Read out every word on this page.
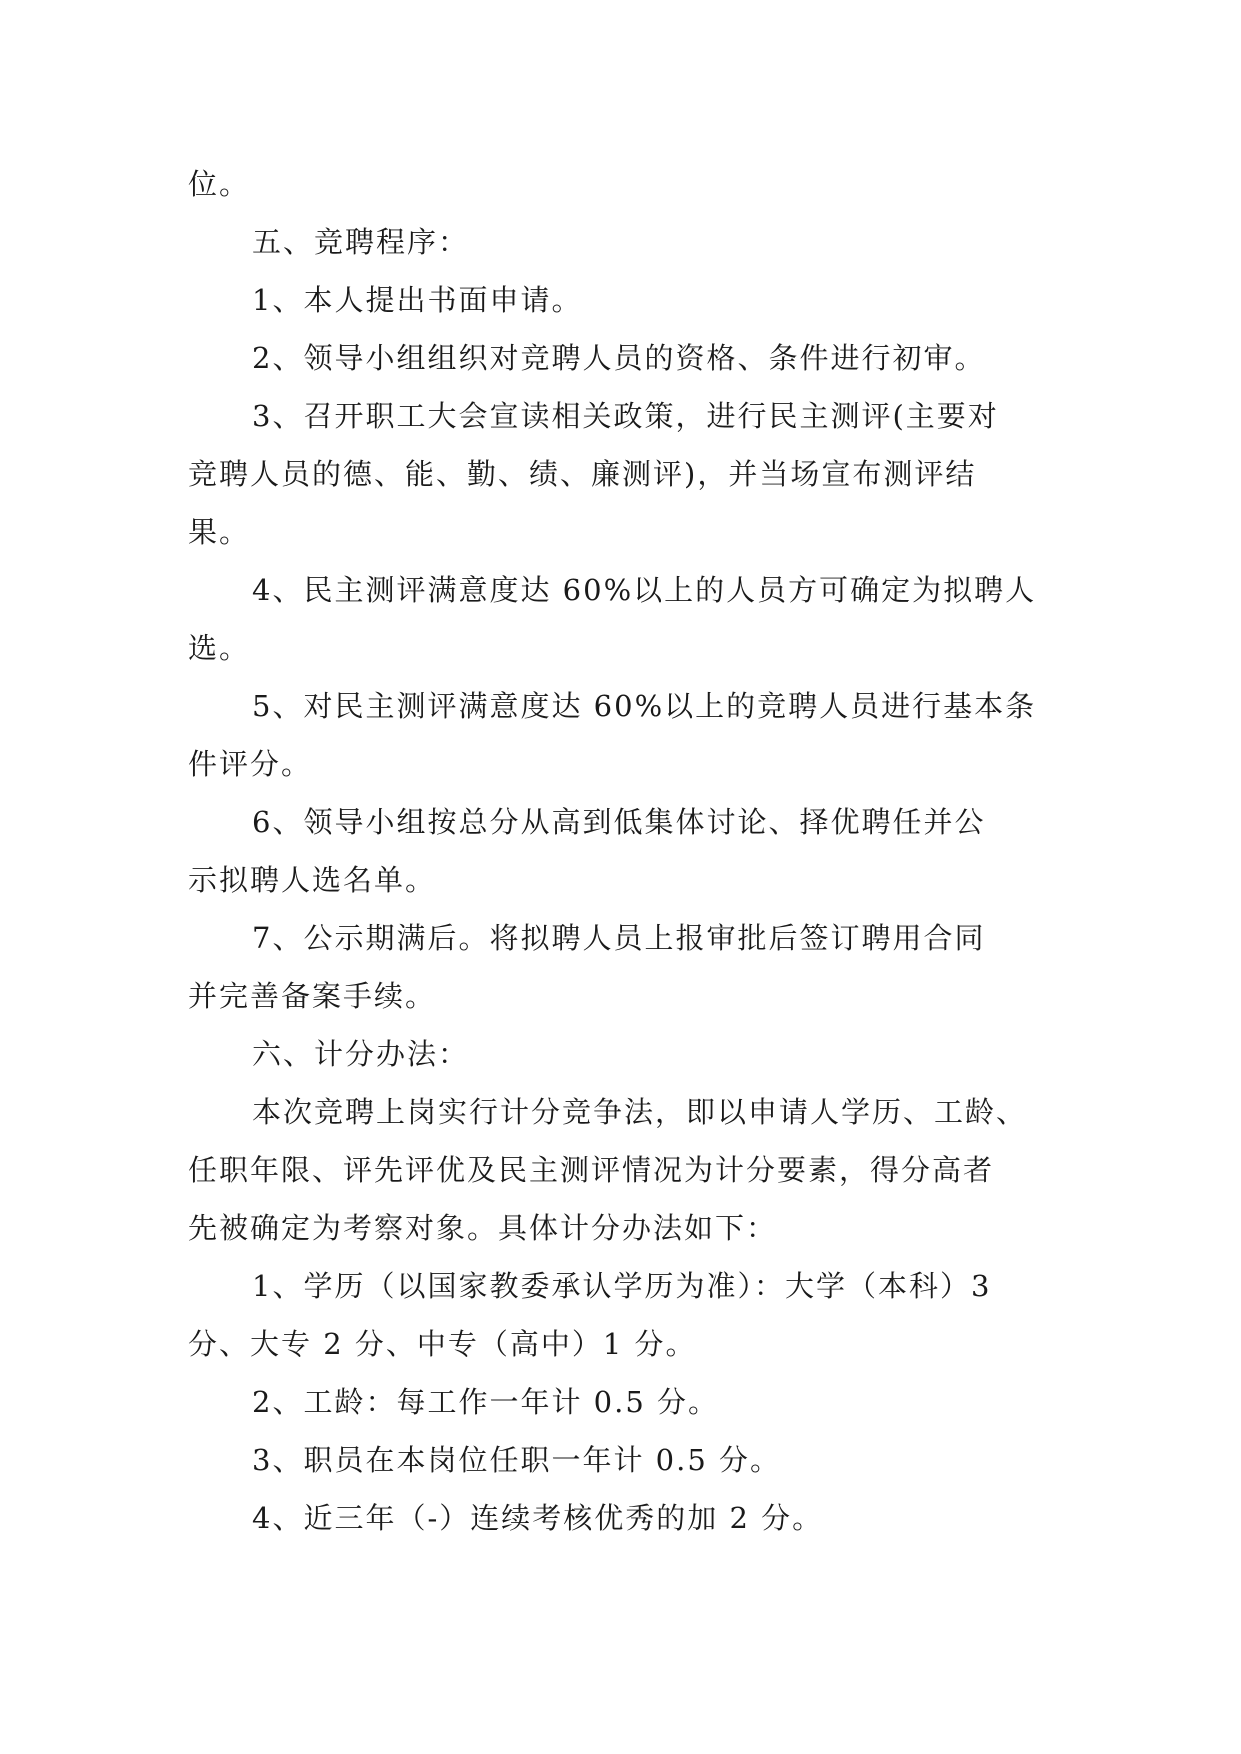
位。
五、竞聘程序：
1、本人提出书面申请。
2、领导小组组织对竞聘人员的资格、条件进行初审。
3、召开职工大会宣读相关政策，进行民主测评(主要对
竞聘人员的德、能、勤、绩、廉测评)，并当场宣布测评结
果。
4、民主测评满意度达 60%以上的人员方可确定为拟聘人
选。
5、对民主测评满意度达 60%以上的竞聘人员进行基本条
件评分。
6、领导小组按总分从高到低集体讨论、择优聘任并公
示拟聘人选名单。
7、公示期满后。将拟聘人员上报审批后签订聘用合同
并完善备案手续。
六、计分办法：
本次竞聘上岗实行计分竞争法，即以申请人学历、工龄、
任职年限、评先评优及民主测评情况为计分要素，得分高者
先被确定为考察对象。具体计分办法如下：
1、学历（以国家教委承认学历为准）：大学（本科）3
分、大专 2 分、中专（高中）1 分。
2、工龄：每工作一年计 0.5 分。
3、职员在本岗位任职一年计 0.5 分。
4、近三年（-）连续考核优秀的加 2 分。
